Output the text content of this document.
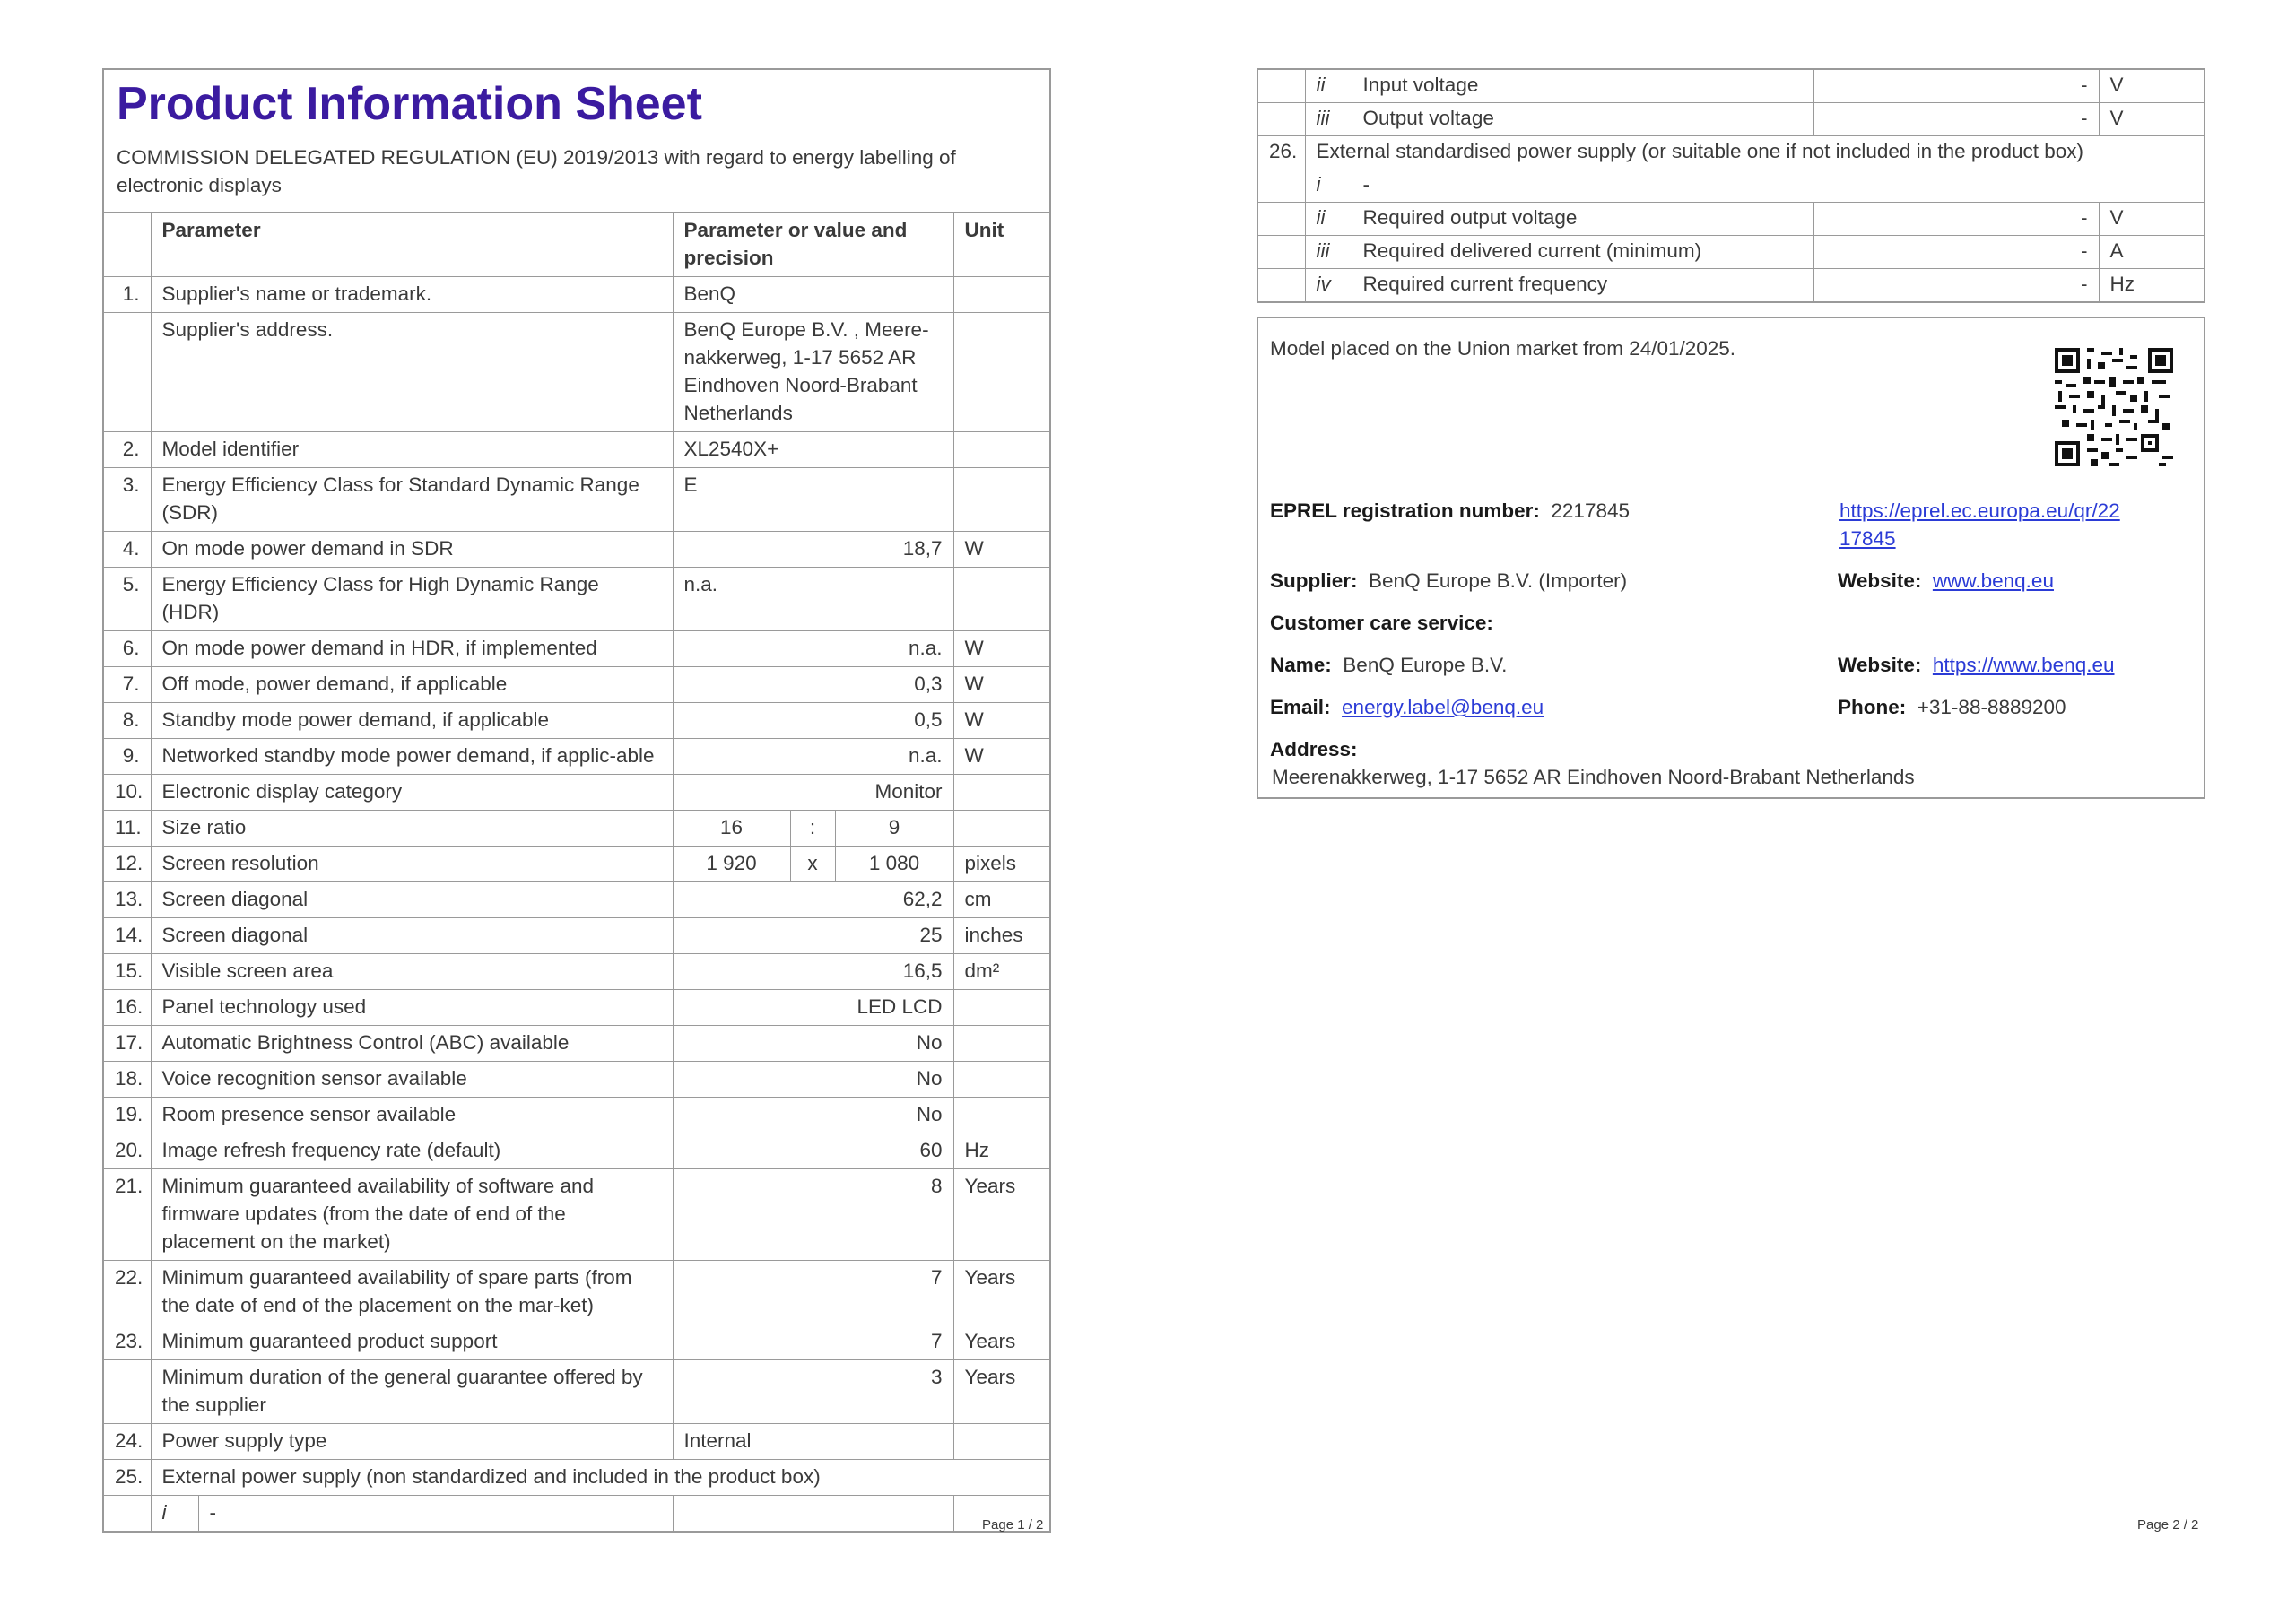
Product Information Sheet
COMMISSION DELEGATED REGULATION (EU) 2019/2013 with regard to energy labelling of electronic displays
	Parameter	Parameter or value and precision	Unit
1.	Supplier's name or trademark.	BenQ	
	Supplier's address.	BenQ Europe B.V. , Meere-nakkerweg, 1-17 5652 AR Eindhoven Noord-Brabant Netherlands	
2.	Model identifier	XL2540X+	
3.	Energy Efficiency Class for Standard Dynamic Range (SDR)	E	
4.	On mode power demand in SDR	18,7	W
5.	Energy Efficiency Class for High Dynamic Range (HDR)	n.a.	
6.	On mode power demand in HDR, if implemented	n.a.	W
7.	Off mode, power demand, if applicable	0,3	W
8.	Standby mode power demand, if applicable	0,5	W
9.	Networked standby mode power demand, if applic-able	n.a.	W
10.	Electronic display category	Monitor	
11.	Size ratio	16	:	9	
12.	Screen resolution	1 920	x	1 080	pixels
13.	Screen diagonal	62,2	cm
14.	Screen diagonal	25	inches
15.	Visible screen area	16,5	dm²
16.	Panel technology used	LED LCD	
17.	Automatic Brightness Control (ABC) available	No	
18.	Voice recognition sensor available	No	
19.	Room presence sensor available	No	
20.	Image refresh frequency rate (default)	60	Hz
21.	Minimum guaranteed availability of software and firmware updates (from the date of end of the placement on the market)	8	Years
22.	Minimum guaranteed availability of spare parts (from the date of end of the placement on the mar-ket)	7	Years
23.	Minimum guaranteed product support	7	Years
	Minimum duration of the general guarantee offered by the supplier	3	Years
24.	Power supply type	Internal	
25.	External power supply (non standardized and included in the product box)

i	-

Page 1 / 2
	ii	Input voltage	-	V
	iii	Output voltage	-	V
26.	External standardised power supply (or suitable one if not included in the product box)			
	i	-		
	ii	Required output voltage	-	V
	iii	Required delivered current (minimum)	-	A
	iv	Required current frequency	-	Hz
Model placed on the Union market from 24/01/2025.
EPREL registration number: 2217845	https://eprel.ec.europa.eu/qr/22
17845
Supplier: BenQ Europe B.V. (Importer)	Website: www.benq.eu
Customer care service:
Name: BenQ Europe B.V.	Website: https://www.benq.eu
Email: energy.label@benq.eu	Phone: +31-88-8889200
Address:
Meerenakkerweg, 1-17 5652 AR Eindhoven Noord-Brabant Netherlands
Page 2 / 2
